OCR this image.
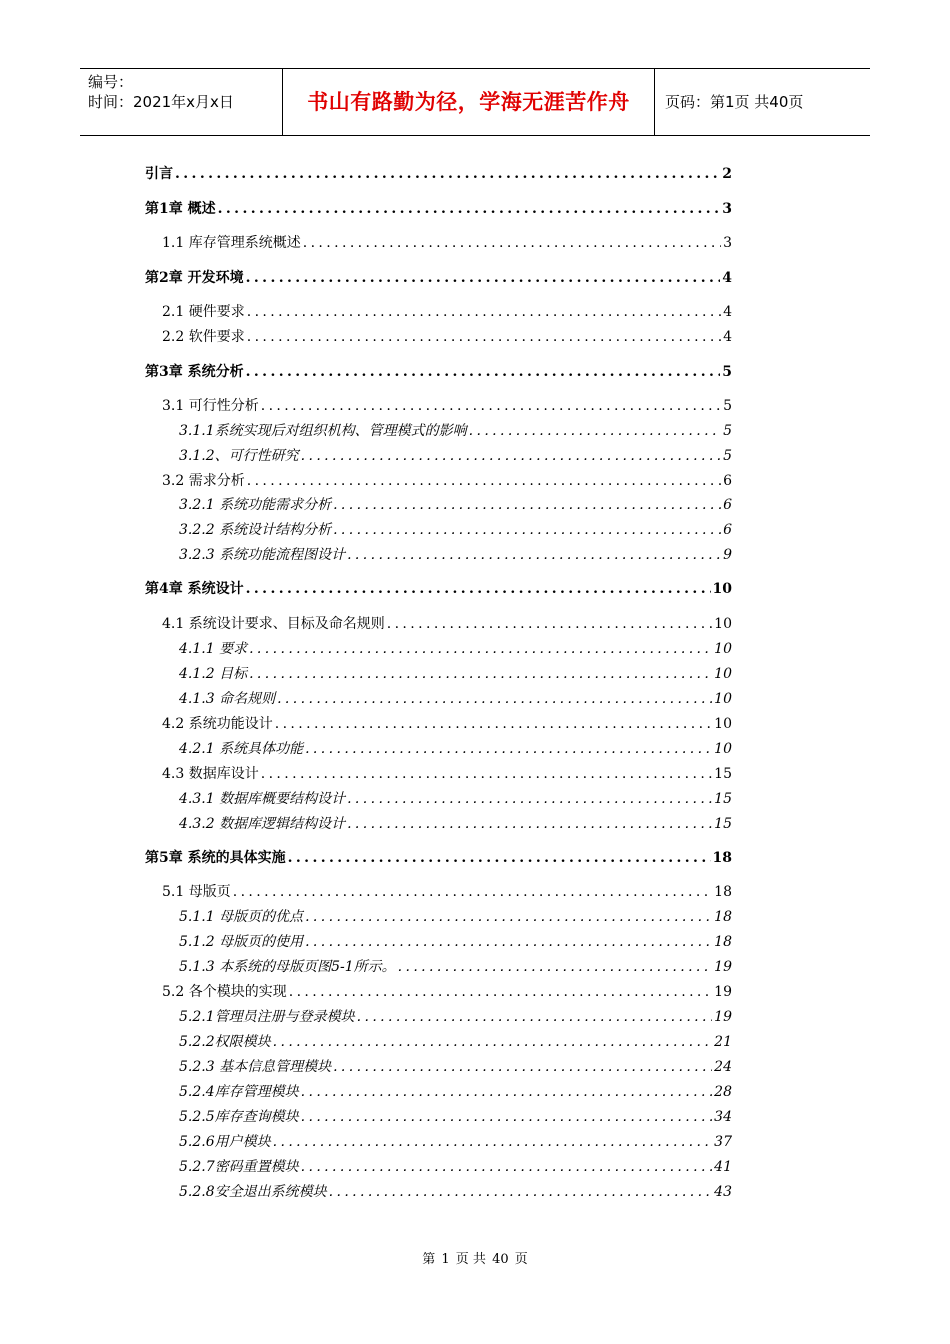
编号：
时间：2021年x月x日	书山有路勤为径，学海无涯苦作舟	页码：第1页 共40页
引言 .....	2
第1章 概述 .....	3
1.1 库存管理系统概述 .....	3
第2章 开发环境 .....	4
2.1 硬件要求 .....	4
2.2 软件要求 .....	4
第3章 系统分析 .....	5
3.1 可行性分析 .....	5
3.1.1系统实现后对组织机构、管理模式的影响 .....	5
3.1.2、可行性研究 .....	5
3.2 需求分析 .....	6
3.2.1 系统功能需求分析 .....	6
3.2.2 系统设计结构分析 .....	6
3.2.3 系统功能流程图设计 .....	9
第4章 系统设计 .....	10
4.1 系统设计要求、目标及命名规则 .....	10
4.1.1 要求 .....	10
4.1.2 目标 .....	10
4.1.3 命名规则 .....	10
4.2 系统功能设计 .....	10
4.2.1 系统具体功能 .....	10
4.3 数据库设计 .....	15
4.3.1 数据库概要结构设计 .....	15
4.3.2 数据库逻辑结构设计 .....	15
第5章 系统的具体实施 .....	18
5.1 母版页 .....	18
5.1.1 母版页的优点 .....	18
5.1.2 母版页的使用 .....	18
5.1.3 本系统的母版页图5-1所示。 .....	19
5.2 各个模块的实现 .....	19
5.2.1管理员注册与登录模块 .....	19
5.2.2权限模块 .....	21
5.2.3 基本信息管理模块 .....	24
5.2.4库存管理模块 .....	28
5.2.5库存查询模块 .....	34
5.2.6用户模块 .....	37
5.2.7密码重置模块 .....	41
5.2.8安全退出系统模块 .....	43
第 1 页 共 40 页
